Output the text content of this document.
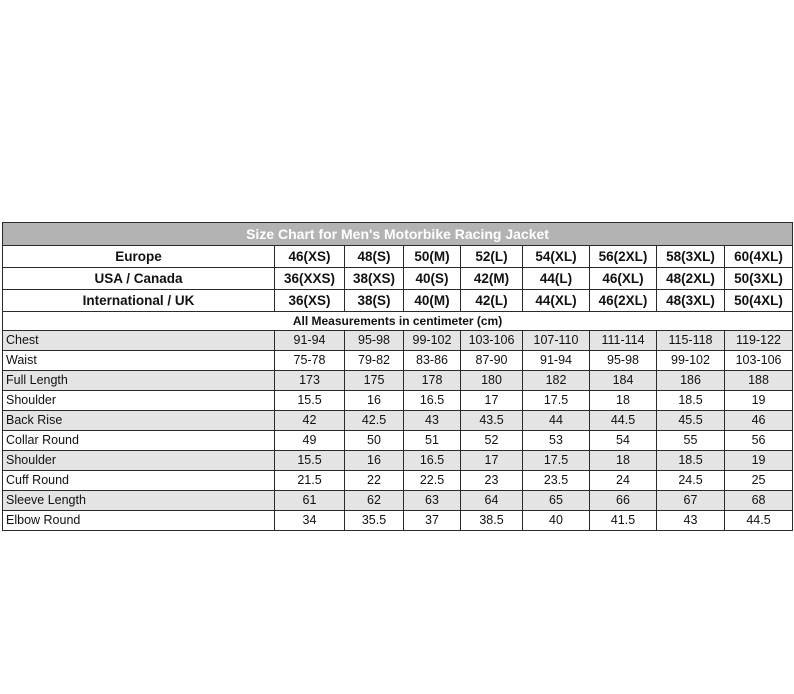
Size Chart for Men's Motorbike Racing Jacket								
Europe	46(XS)	48(S)	50(M)	52(L)	54(XL)	56(2XL)	58(3XL)	60(4XL)
USA / Canada	36(XXS)	38(XS)	40(S)	42(M)	44(L)	46(XL)	48(2XL)	50(3XL)
International / UK	36(XS)	38(S)	40(M)	42(L)	44(XL)	46(2XL)	48(3XL)	50(4XL)
All Measurements in centimeter (cm)								
Chest	91-94	95-98	99-102	103-106	107-110	111-114	115-118	119-122
Waist	75-78	79-82	83-86	87-90	91-94	95-98	99-102	103-106
Full Length	173	175	178	180	182	184	186	188
Shoulder	15.5	16	16.5	17	17.5	18	18.5	19
Back Rise	42	42.5	43	43.5	44	44.5	45.5	46
Collar Round	49	50	51	52	53	54	55	56
Shoulder	15.5	16	16.5	17	17.5	18	18.5	19
Cuff Round	21.5	22	22.5	23	23.5	24	24.5	25
Sleeve Length	61	62	63	64	65	66	67	68
Elbow Round	34	35.5	37	38.5	40	41.5	43	44.5
